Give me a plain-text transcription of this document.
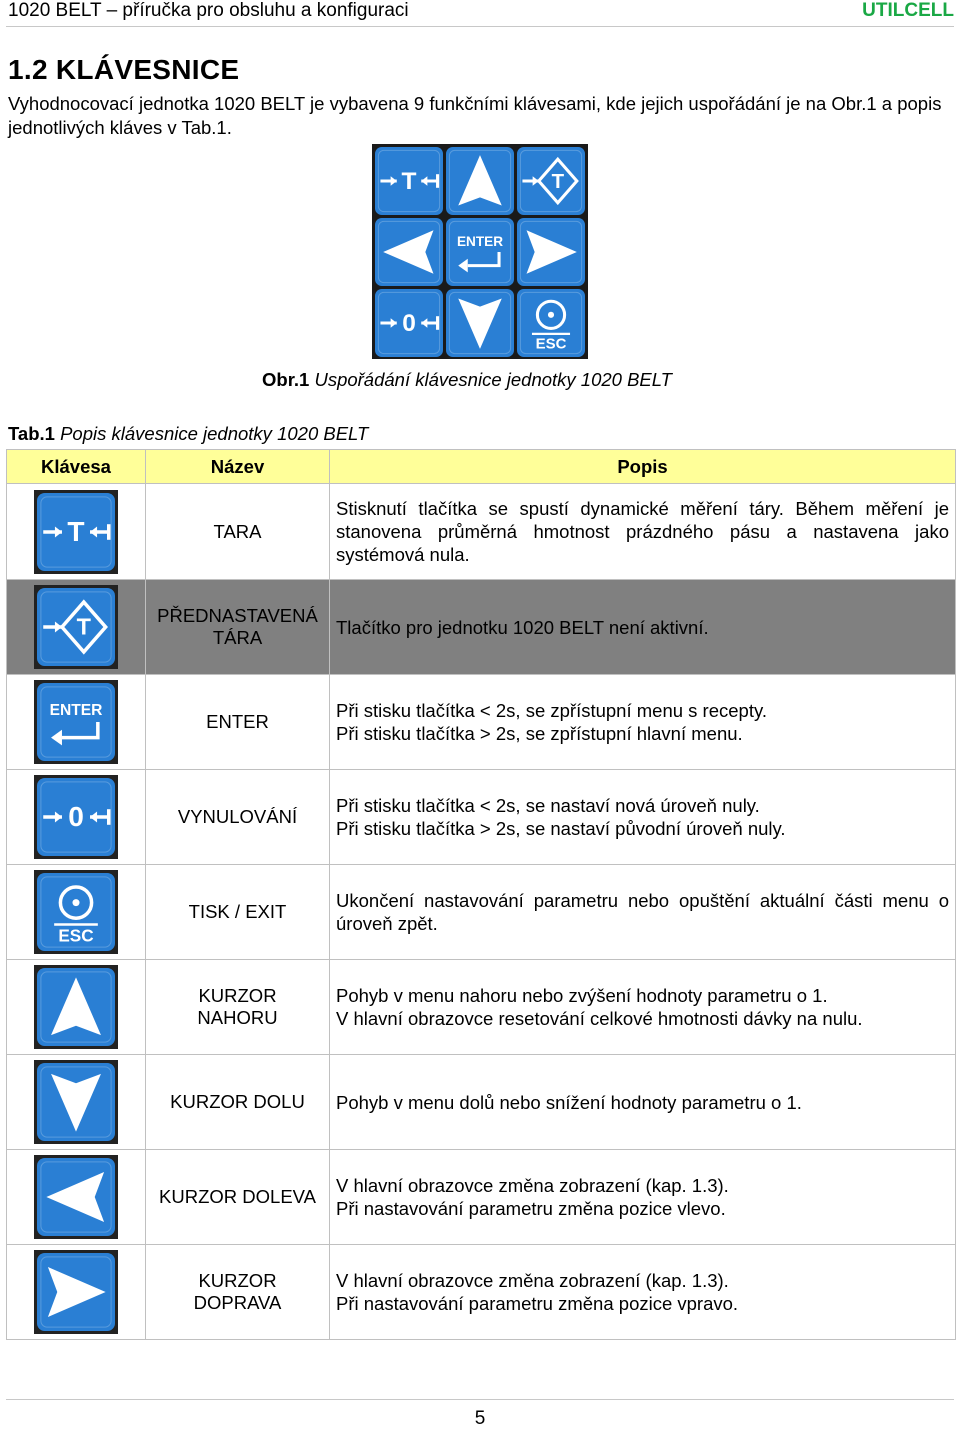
1020 BELT – příručka pro obsluhu a konfiguraci	UTILCELL
1.2 KLÁVESNICE
Vyhodnocovací jednotka 1020 BELT je vybavena 9 funkčními klávesami, kde jejich uspořádání je na Obr.1 a popis jednotlivých kláves v Tab.1.
T	T
ENTER
0
ESC
Obr.1 Uspořádání klávesnice jednotky 1020 BELT
Tab.1 Popis klávesnice jednotky 1020 BELT
Klávesa	Název	Popis

T	TARA	Stisknutí tlačítka se spustí dynamické měření táry. Během měření je stanovena průměrná hmotnost prázdného pásu a nastavena jako systémová nula.

T	PŘEDNASTAVENÁ
TÁRA	Tlačítko pro jednotku 1020 BELT není aktivní.

ENTER	ENTER	Při stisku tlačítka < 2s, se zpřístupní menu s recepty.
Při stisku tlačítka > 2s, se zpřístupní hlavní menu.

0	VYNULOVÁNÍ	Při stisku tlačítka < 2s, se nastaví nová úroveň nuly.
Při stisku tlačítka > 2s, se nastaví původní úroveň nuly.

ESC	TISK / EXIT	Ukončení nastavování parametru nebo opuštění aktuální části menu o úroveň zpět.

KURZOR
NAHORU	Pohyb v menu nahoru nebo zvýšení hodnoty parametru o 1.
V hlavní obrazovce resetování celkové hmotnosti dávky na nulu.

KURZOR DOLU	Pohyb v menu dolů nebo snížení hodnoty parametru o 1.

KURZOR DOLEVA	V hlavní obrazovce změna zobrazení (kap. 1.3).
Při nastavování parametru změna pozice vlevo.

KURZOR
DOPRAVA	V hlavní obrazovce změna zobrazení (kap. 1.3).
Při nastavování parametru změna pozice vpravo.
5
